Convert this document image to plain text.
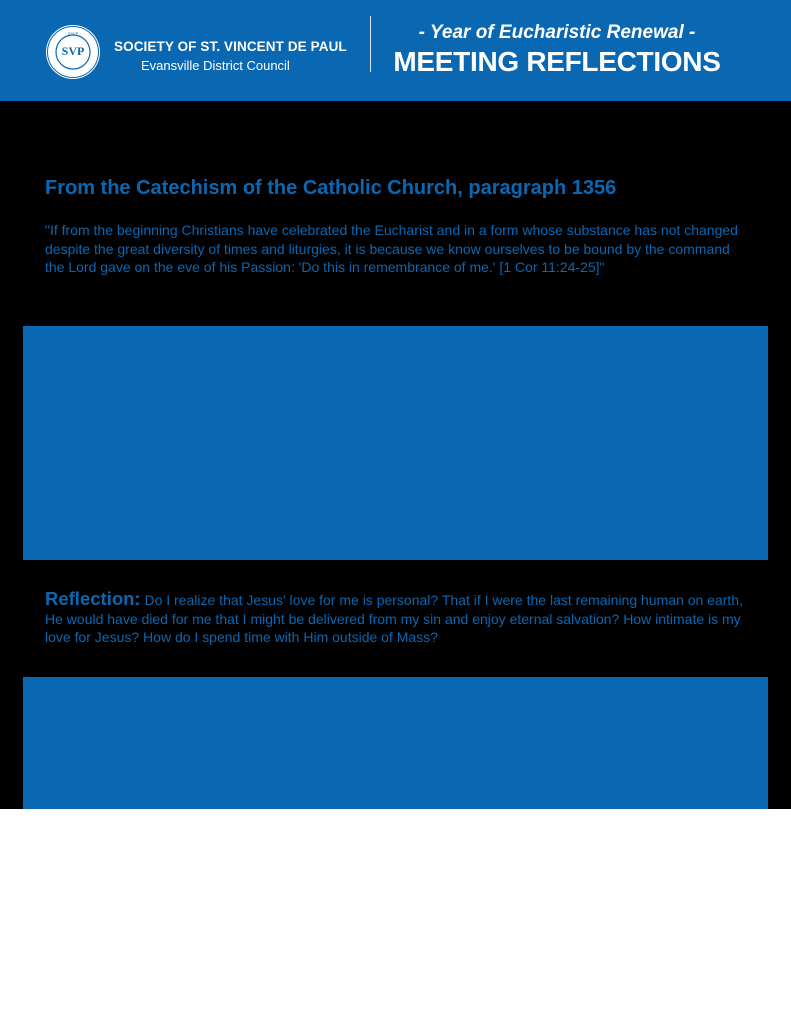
SVP
· SSVP ·
SOCIETY OF ST. VINCENT DE PAUL
Evansville District Council
- Year of Eucharistic Renewal -
MEETING REFLECTIONS
From the Catechism of the Catholic Church, paragraph 1356
"If from the beginning Christians have celebrated the Eucharist and in a form whose substance has not changed despite the great diversity of times and liturgies, it is because we know ourselves to be bound by the command the Lord gave on the eve of his Passion: 'Do this in remembrance of me.' [1 Cor 11:24-25]"
Reflection: Do I realize that Jesus' love for me is personal? That if I were the last remaining human on earth, He would have died for me that I might be delivered from my sin and enjoy eternal salvation? How intimate is my love for Jesus? How do I spend time with Him outside of Mass?
